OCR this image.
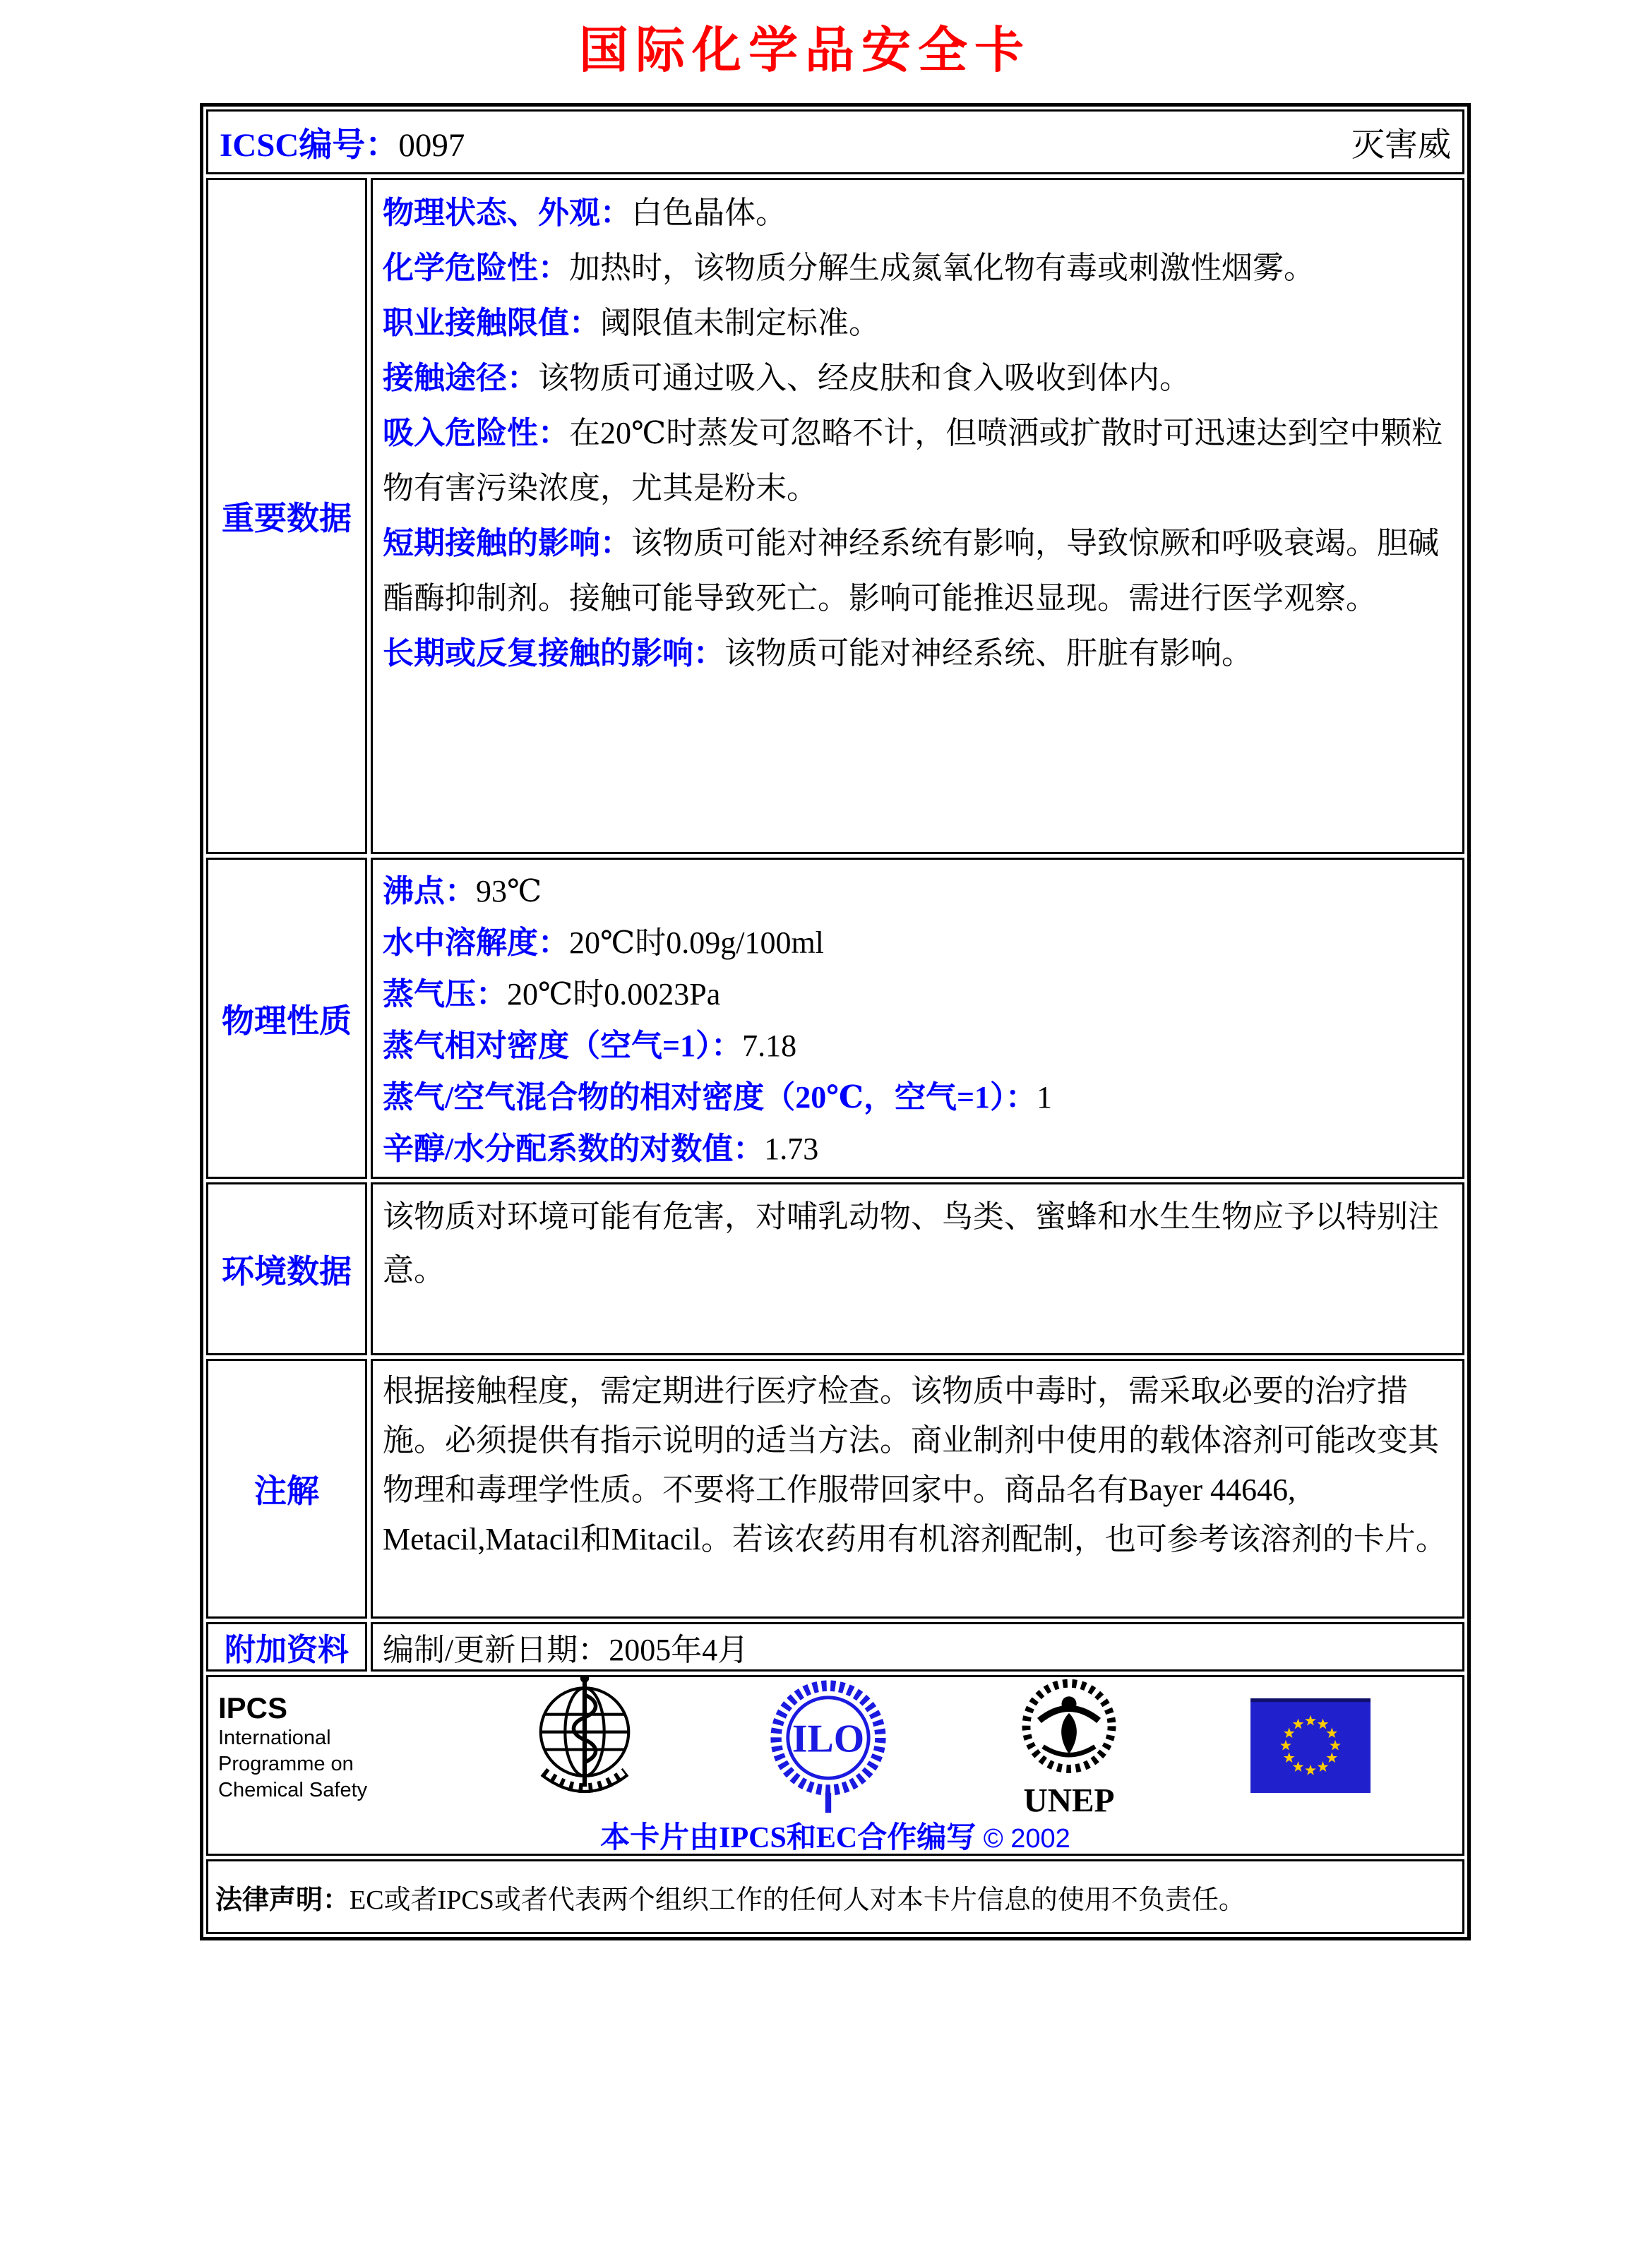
国际化学品安全卡
ICSC编号：0097	灭害威
重要数据

物理状态、外观：白色晶体。

化学危险性：加热时，该物质分解生成氮氧化物有毒或刺激性烟雾。

职业接触限值：阈限值未制定标准。

接触途径：该物质可通过吸入、经皮肤和食入吸收到体内。

吸入危险性：在20℃时蒸发可忽略不计，但喷洒或扩散时可迅速达到空中颗粒物有害污染浓度，尤其是粉末。

短期接触的影响：该物质可能对神经系统有影响，导致惊厥和呼吸衰竭。胆碱酯酶抑制剂。接触可能导致死亡。影响可能推迟显现。需进行医学观察。

长期或反复接触的影响：该物质可能对神经系统、肝脏有影响。

物理性质

沸点：93℃

水中溶解度：20℃时0.09g/100ml

蒸气压：20℃时0.0023Pa

蒸气相对密度（空气=1）：7.18

蒸气/空气混合物的相对密度（20℃，空气=1）：1

辛醇/水分配系数的对数值：1.73

环境数据

该物质对环境可能有危害，对哺乳动物、鸟类、蜜蜂和水生生物应予以特别注意。

注解

根据接触程度，需定期进行医疗检查。该物质中毒时，需采取必要的治疗措施。必须提供有指示说明的适当方法。商业制剂中使用的载体溶剂可能改变其物理和毒理学性质。不要将工作服带回家中。商品名有Bayer 44646, Metacil,Matacil和Mitacil。若该农药用有机溶剂配制，也可参考该溶剂的卡片。

附加资料	编制/更新日期：2005年4月
IPCS
International Programme on Chemical Safety
ILO
UNEP
本卡片由IPCS和EC合作编写 © 2002
法律声明： EC或者IPCS或者代表两个组织工作的任何人对本卡片信息的使用不负责任。
